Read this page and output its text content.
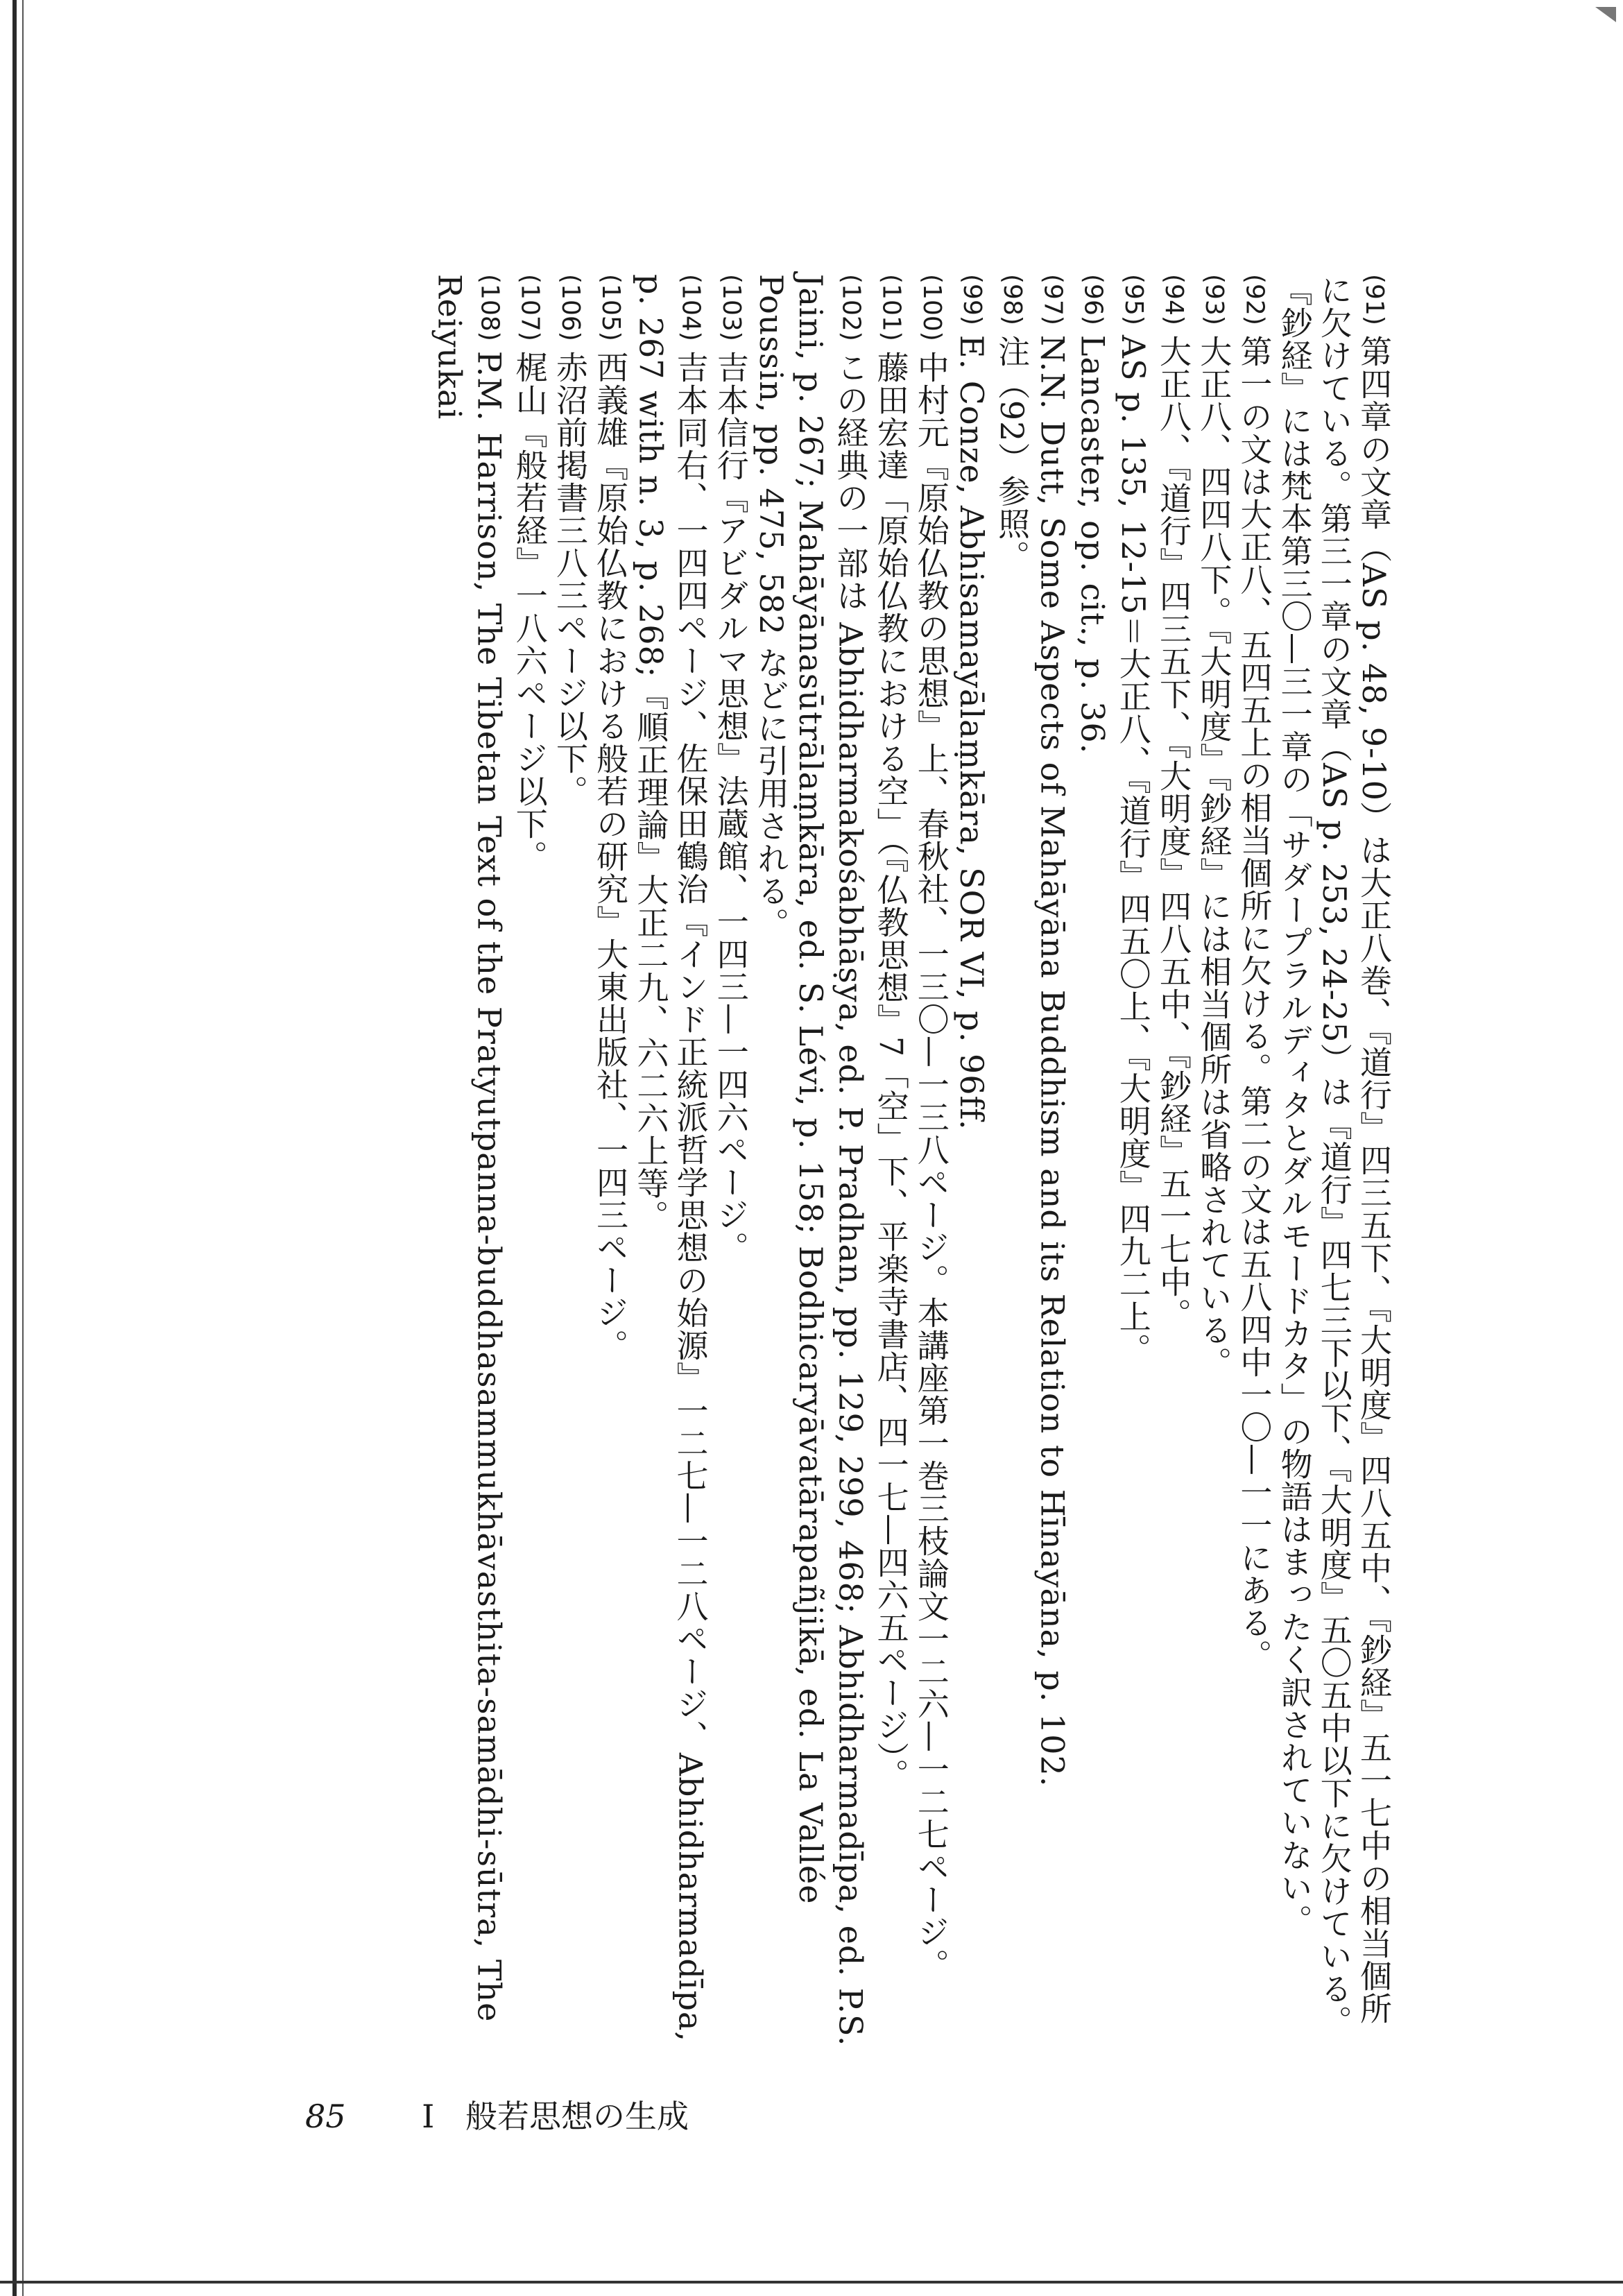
(91)第四章の文章（AS p. 48, 9-10）は大正八巻、『道行』四三五下、『大明度』四八五中、『鈔経』五一七中の相当個所に欠けている。第三一章の文章（AS p. 253, 24-25）は『道行』四七三下以下、『大明度』五〇五中以下に欠けている。『鈔経』には梵本第三〇—三一章の「サダープラルディタとダルモードカタ」の物語はまったく訳されていない。

(92)第一の文は大正八、五四五上の相当個所に欠ける。第二の文は五八四中一〇—一一にある。

(93)大正八、四四八下。『大明度』『鈔経』には相当個所は省略されている。

(94)大正八、『道行』四三五下、『大明度』四八五中、『鈔経』五一七中。

(95)AS p. 135, 12-15＝大正八、『道行』四五〇上、『大明度』四九二上。

(96)Lancaster, op. cit., p. 36.

(97)N.N. Dutt, Some Aspects of Mahāyāna Buddhism and its Relation to Hīnayāna, p. 102.

(98)注（92）参照。

(99)E. Conze, Abhisamayālaṃkāra, SOR VI, p. 96ff.

(100)中村元『原始仏教の思想』上、春秋社、一三〇—一三八ページ。本講座第一巻三枝論文一二六—一二七ページ。

(101)藤田宏達「原始仏教における空」（『仏教思想』7「空」下、平楽寺書店、四一七—四六五ページ）。

(102)この経典の一部は Abhidharmakośabhāṣya, ed. P. Pradhan, pp. 129, 299, 468; Abhidharmadīpa, ed. P.S. Jaini, p. 267; Mahāyānasūtrālaṃkāra, ed. S. Lévi, p. 158; Bodhicaryāvatārapañjikā, ed. La Vallée Poussin, pp. 475, 582 などに引用される。

(103)吉本信行『アビダルマ思想』法蔵館、一四三—一四六ページ。

(104)吉本同右、一四四ページ、佐保田鶴治『インド正統派哲学思想の始源』一二七—一二八ページ、Abhidharmadīpa, p. 267 with n. 3, p. 268;『順正理論』大正二九、六二六上等。

(105)西義雄『原始仏教における般若の研究』大東出版社、一四三ページ。

(106)赤沼前掲書三八三ページ以下。

(107)梶山『般若経』一八六ページ以下。

(108)P.M. Harrison, The Tibetan Text of the Pratyutpanna-buddhasammukhāvasthita-samādhi-sūtra, The Reiyukai

85 I 般若思想の生成
